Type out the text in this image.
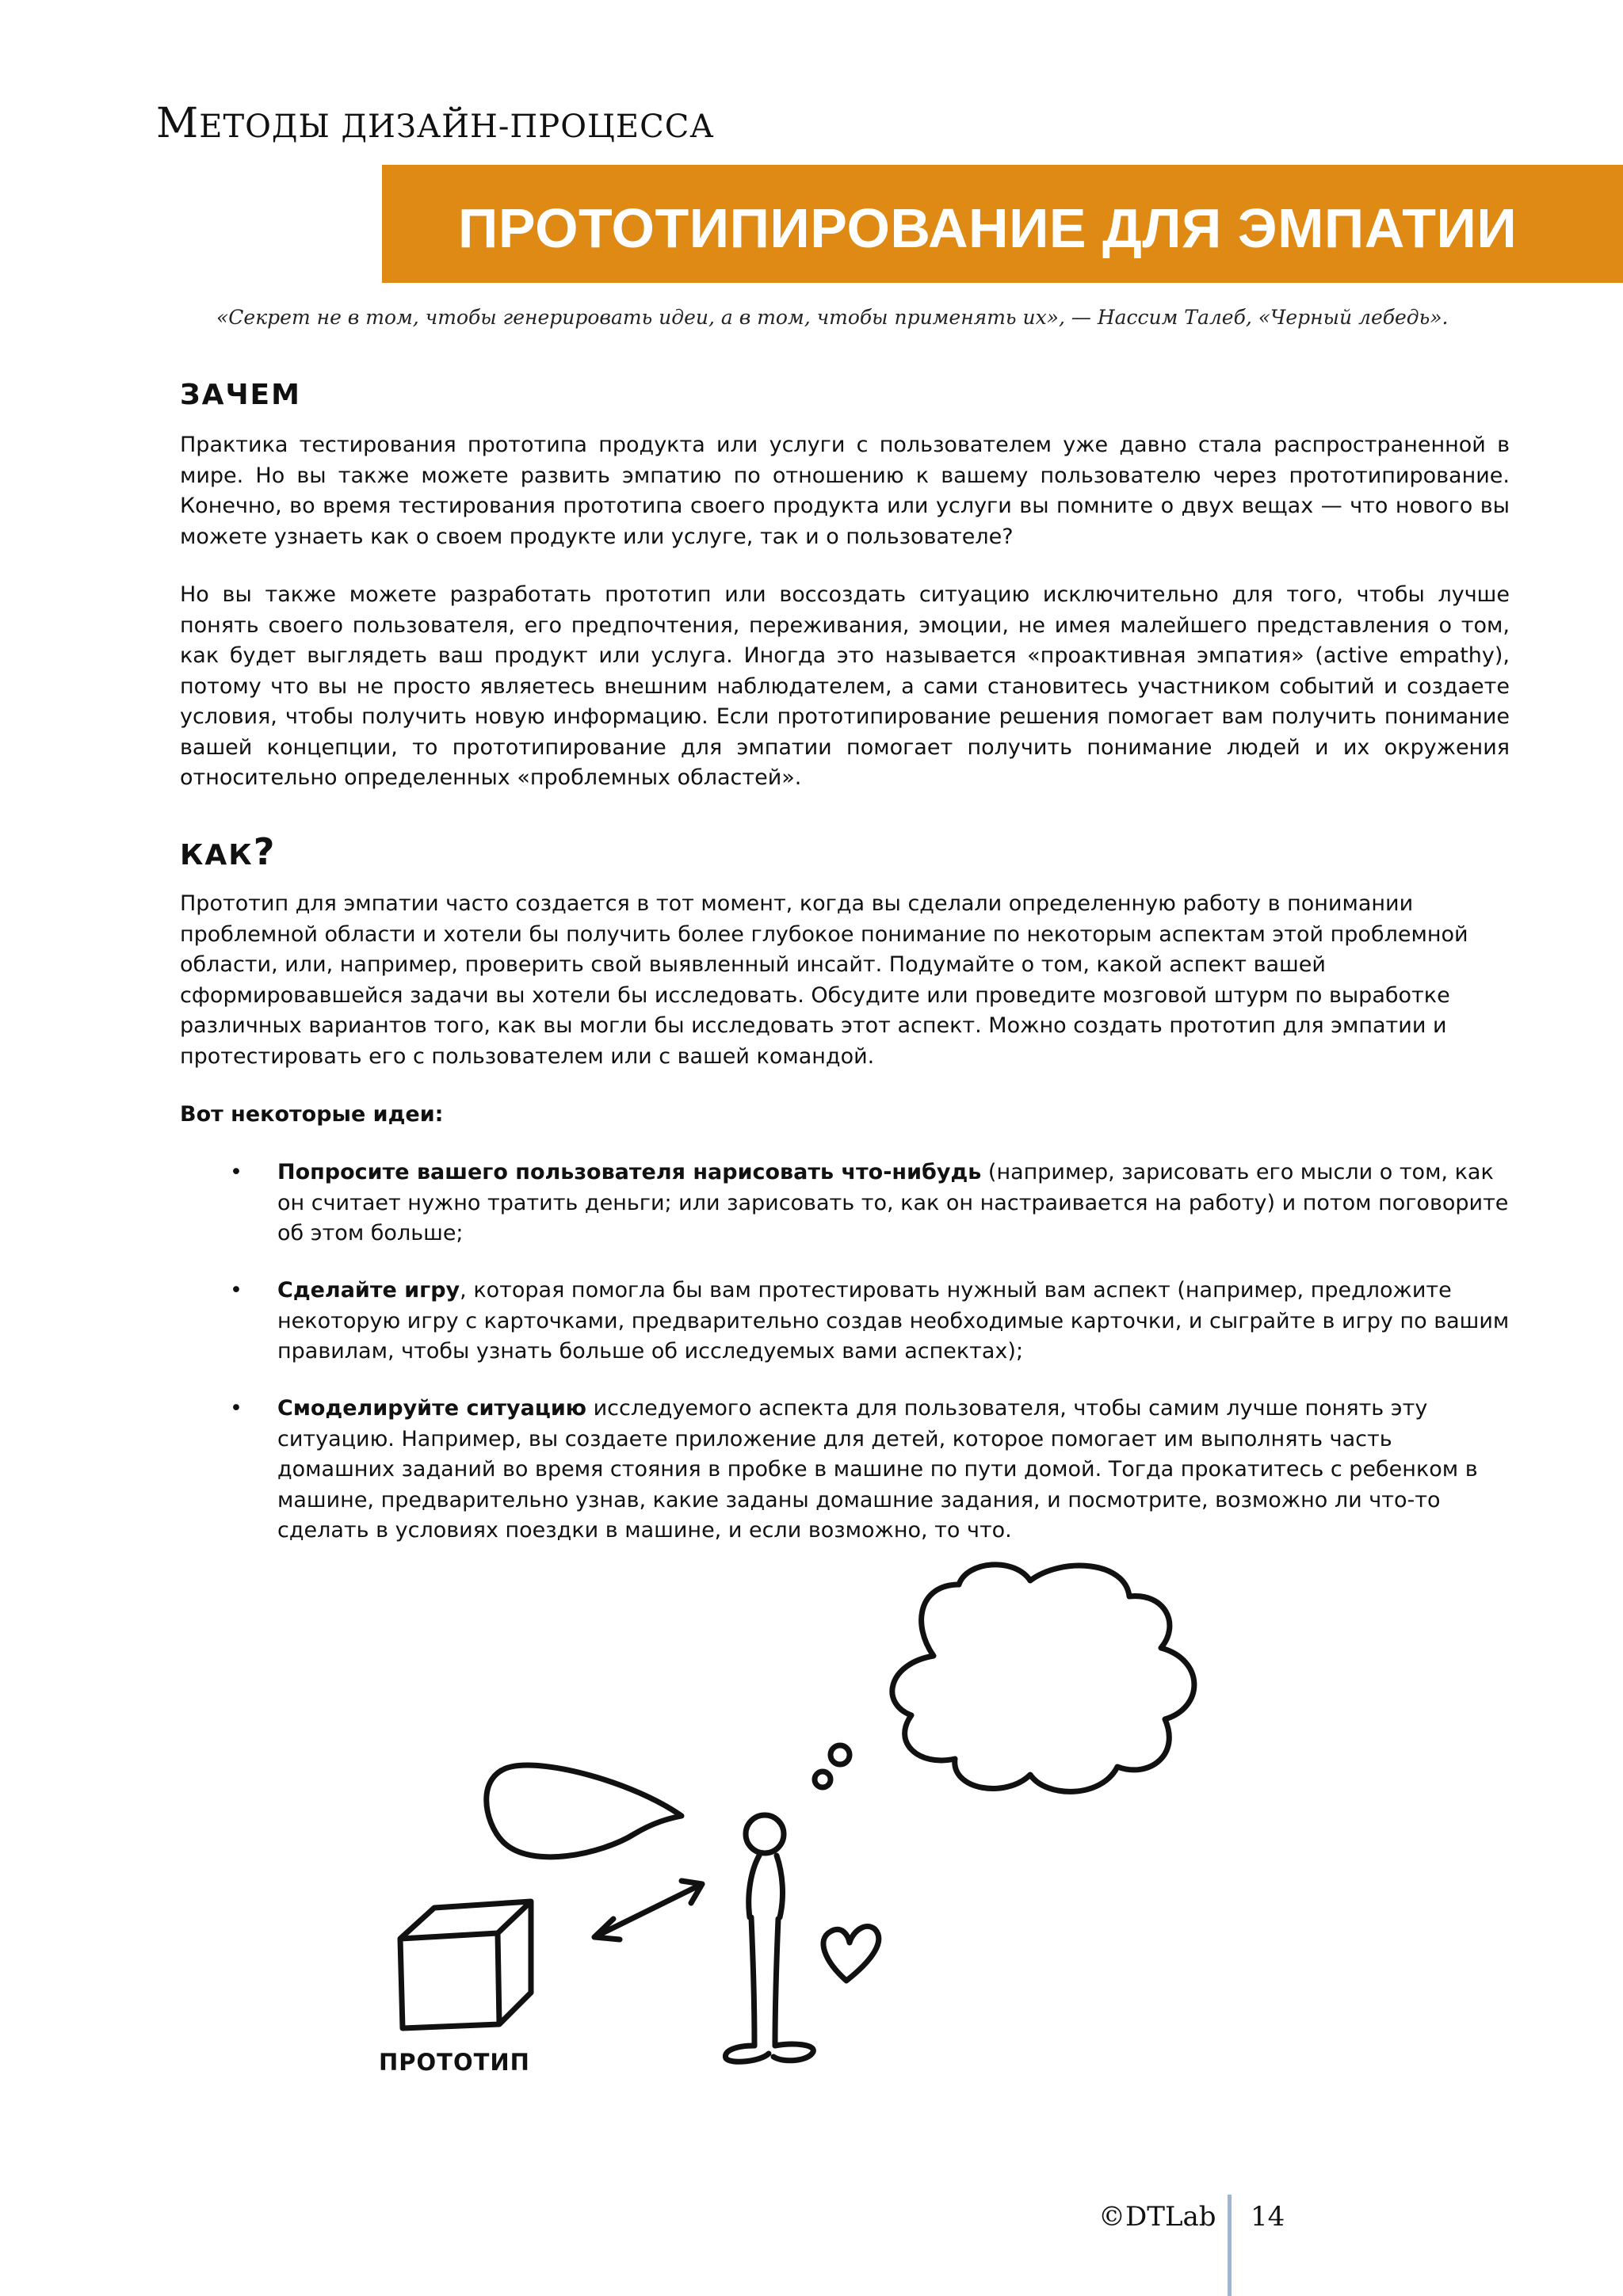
МЕТОДЫ ДИЗАЙН-ПРОЦЕССА
ПРОТОТИПИРОВАНИЕ ДЛЯ ЭМПАТИИ

«Секрет не в том, чтобы генерировать идеи, а в том, чтобы применять их», — Нассим Талеб, «Черный лебедь».

ЗАЧЕМ

Практика тестирования прототипа продукта или услуги с пользователем уже давно стала распространенной в мире. Но вы также можете развить эмпатию по отношению к вашему пользователю через прототипирование. Конечно, во время тестирования прототипа своего продукта или услуги вы помните о двух вещах — что нового вы можете узнаеть как о своем продукте или услуге, так и о пользователе?

Но вы также можете разработать прототип или воссоздать ситуацию исключительно для того, чтобы лучше понять своего пользователя, его предпочтения, переживания, эмоции, не имея малейшего представления о том, как будет выглядеть ваш продукт или услуга. Иногда это называется «проактивная эмпатия» (active empathy), потому что вы не просто являетесь внешним наблюдателем, а сами становитесь участником событий и создаете условия, чтобы получить новую информацию. Если прототипирование решения помогает вам получить понимание вашей концепции, то прототипирование для эмпатии помогает получить понимание людей и их окружения относительно определенных «проблемных областей».

КАК?

Прототип для эмпатии часто создается в тот момент, когда вы сделали определенную работу в понимании проблемной области и хотели бы получить более глубокое понимание по некоторым аспектам этой проблемной области, или, например, проверить свой выявленный инсайт. Подумайте о том, какой аспект вашей сформировавшейся задачи вы хотели бы исследовать. Обсудите или проведите мозговой штурм по выработке различных вариантов того, как вы могли бы исследовать этот аспект. Можно создать прототип для эмпатии и протестировать его с пользователем или с вашей командой.

Вот некоторые идеи:

• Попросите вашего пользователя нарисовать что-нибудь (например, зарисовать его мысли о том, как он считает нужно тратить деньги; или зарисовать то, как он настраивается на работу) и потом поговорите об этом больше;

• Сделайте игру, которая помогла бы вам протестировать нужный вам аспект (например, предложите некоторую игру с карточками, предварительно создав необходимые карточки, и сыграйте в игру по вашим правилам, чтобы узнать больше об исследуемых вами аспектах);

• Смоделируйте ситуацию исследуемого аспекта для пользователя, чтобы самим лучше понять эту ситуацию. Например, вы создаете приложение для детей, которое помогает им выполнять часть домашних заданий во время стояния в пробке в машине по пути домой. Тогда прокатитесь с ребенком в машине, предварительно узнав, какие заданы домашние задания, и посмотрите, возможно ли что-то сделать в условиях поездки в машине, и если возможно, то что.

ПРОТОТИП

©DTLab 14
